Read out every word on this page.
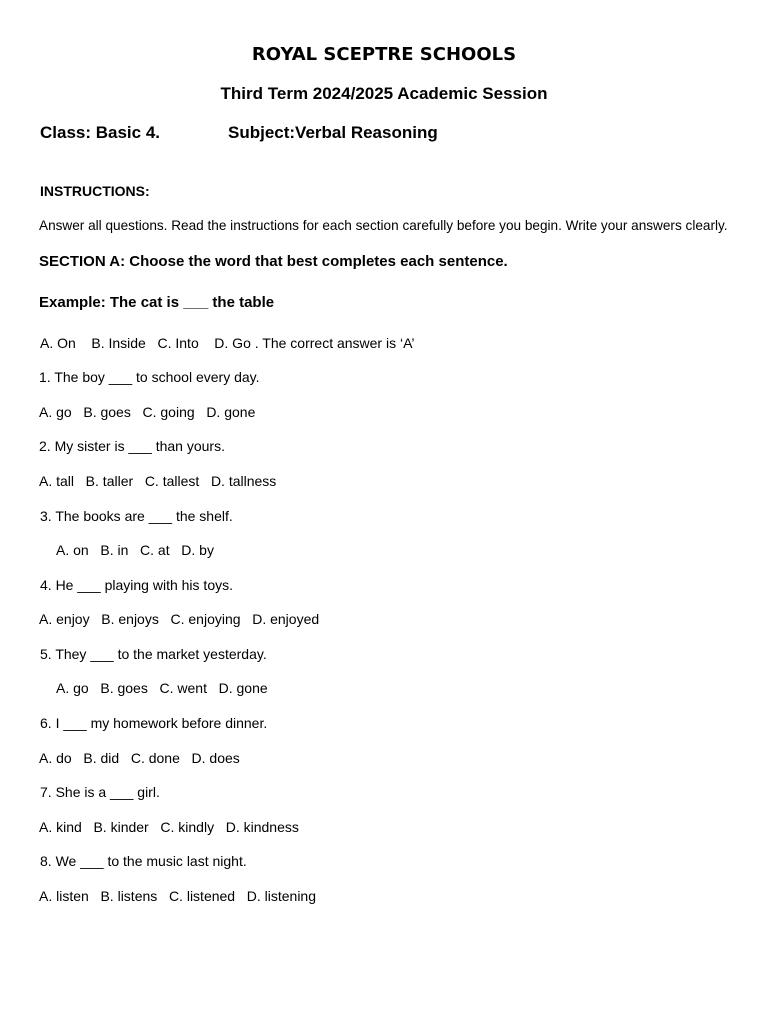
ROYAL SCEPTRE SCHOOLS
Third Term 2024/2025 Academic Session
Class: Basic 4.	Subject:Verbal Reasoning
INSTRUCTIONS:
Answer all questions. Read the instructions for each section carefully before you begin. Write your answers clearly.
SECTION A: Choose the word that best completes each sentence.
Example: The cat is ___ the table
A. On    B. Inside   C. Into    D. Go . The correct answer is ‘A’
1. The boy ___ to school every day.
A. go   B. goes   C. going   D. gone
2. My sister is ___ than yours.
A. tall   B. taller   C. tallest   D. tallness
3. The books are ___ the shelf.
A. on   B. in   C. at   D. by
4. He ___ playing with his toys.
A. enjoy   B. enjoys   C. enjoying   D. enjoyed
5. They ___ to the market yesterday.
A. go   B. goes   C. went   D. gone
6. I ___ my homework before dinner.
A. do   B. did   C. done   D. does
7. She is a ___ girl.
A. kind   B. kinder   C. kindly   D. kindness
8. We ___ to the music last night.
A. listen   B. listens   C. listened   D. listening
